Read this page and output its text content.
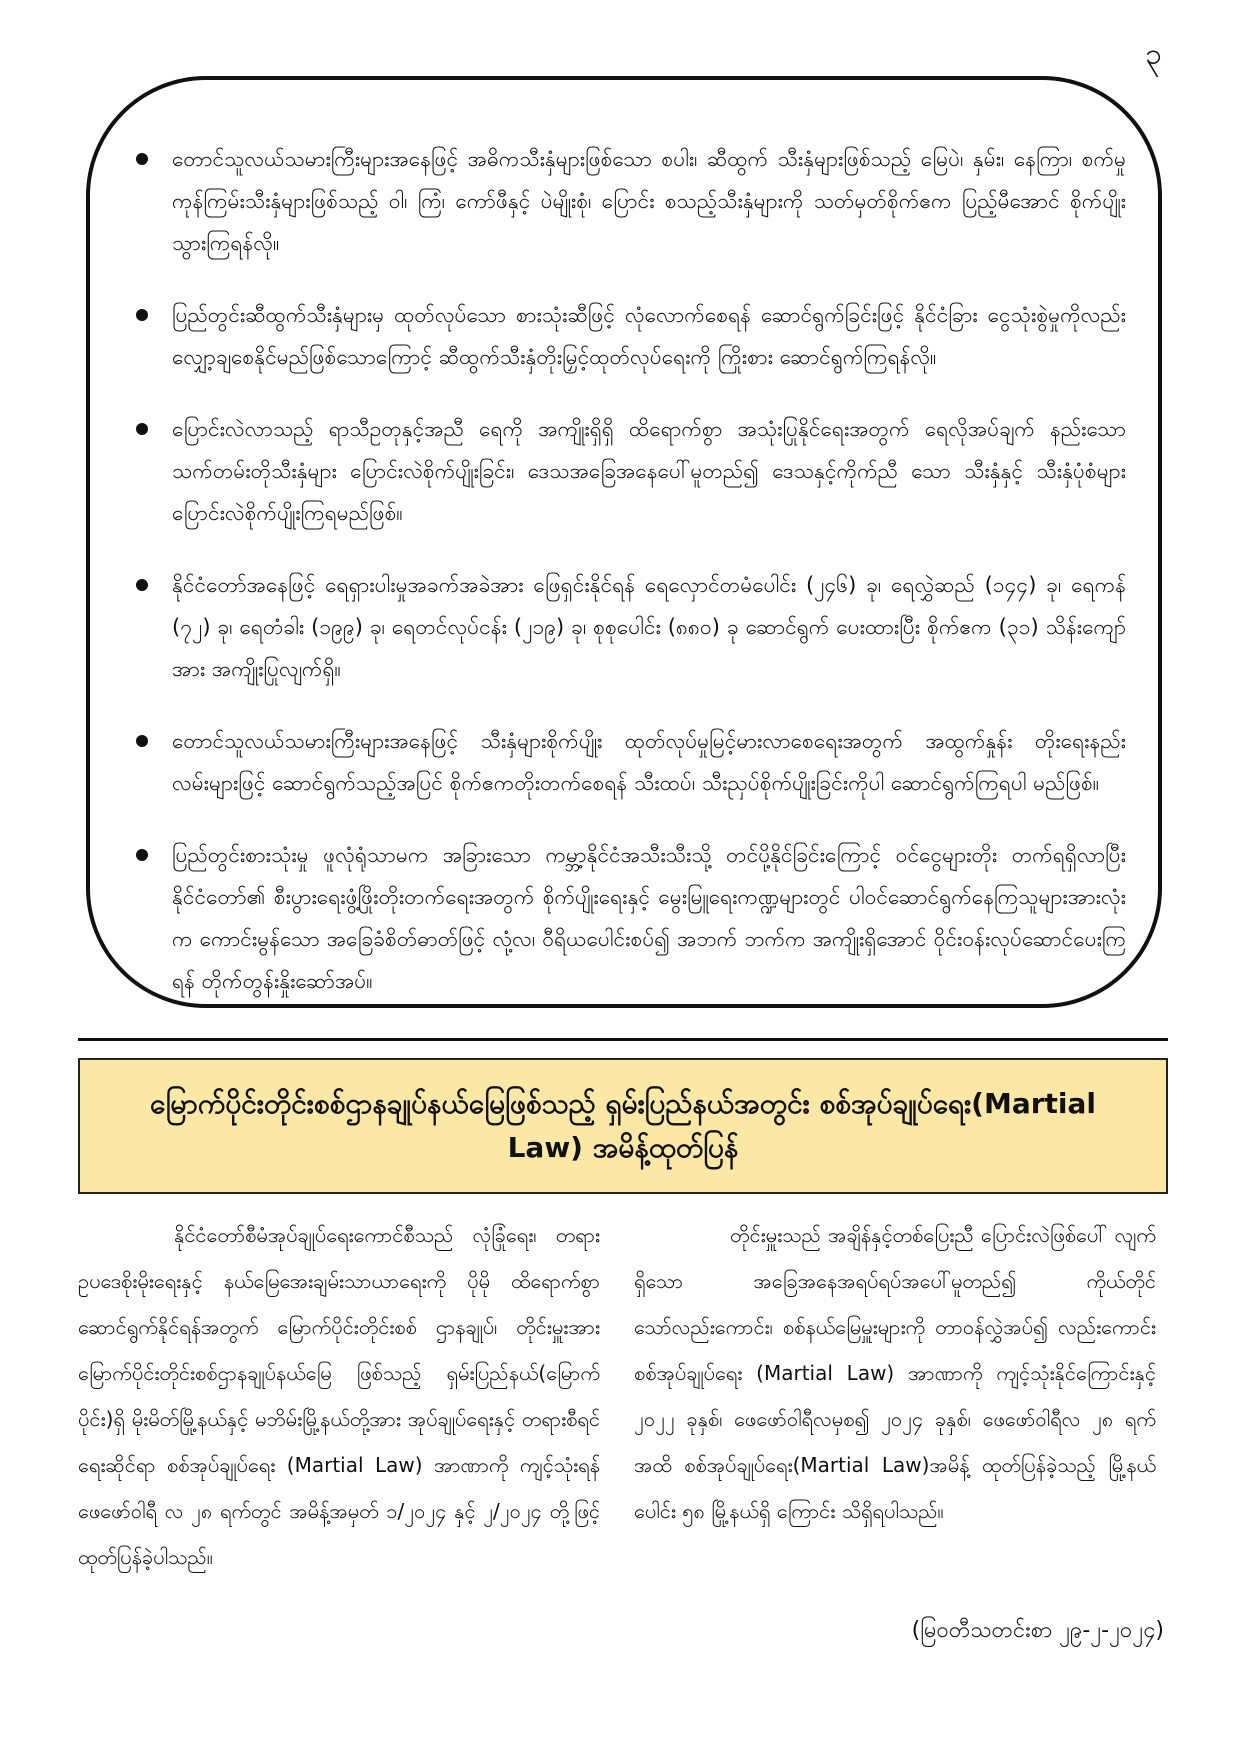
၃
တောင်သူလယ်သမားကြီးများအနေဖြင့် အဓိကသီးနှံများဖြစ်သော စပါး၊ ဆီထွက် သီးနှံများဖြစ်သည့် မြေပဲ၊ နှမ်း၊ နေကြာ၊ စက်မှုကုန်ကြမ်းသီးနှံများဖြစ်သည့် ဝါ၊ ကြံ၊ ကော်ဖီနှင့် ပဲမျိုးစုံ၊ ပြောင်း စသည့်သီးနှံများကို သတ်မှတ်စိုက်ဧက ပြည့်မီအောင် စိုက်ပျိုးသွားကြရန်လို။
ပြည်တွင်းဆီထွက်သီးနှံများမှ ထုတ်လုပ်သော စားသုံးဆီဖြင့် လုံလောက်စေရန် ဆောင်ရွက်ခြင်းဖြင့် နိုင်ငံခြား ငွေသုံးစွဲမှုကိုလည်း လျှော့ချစေနိုင်မည်ဖြစ်သောကြောင့် ဆီထွက်သီးနှံတိုးမြှင့်ထုတ်လုပ်ရေးကို ကြိုးစား ဆောင်ရွက်ကြရန်လို။
ပြောင်းလဲလာသည့် ရာသီဥတုနှင့်အညီ ရေကို အကျိုးရှိရှိ ထိရောက်စွာ အသုံးပြုနိုင်ရေးအတွက် ရေလိုအပ်ချက် နည်းသော သက်တမ်းတိုသီးနှံများ ပြောင်းလဲစိုက်ပျိုးခြင်း၊ ဒေသအခြေအနေပေါ်မူတည်၍ ဒေသနှင့်ကိုက်ညီ သော သီးနှံနှင့် သီးနှံပုံစံများ ပြောင်းလဲစိုက်ပျိုးကြရမည်ဖြစ်။
နိုင်ငံတော်အနေဖြင့် ရေရှားပါးမှုအခက်အခဲအား ဖြေရှင်းနိုင်ရန် ရေလှောင်တမံပေါင်း (၂၄၆) ခု၊ ရေလွှဲဆည် (၁၄၄) ခု၊ ရေကန် (၇၂) ခု၊ ရေတံခါး (၁၉၉) ခု၊ ရေတင်လုပ်ငန်း (၂၁၉) ခု၊ စုစုပေါင်း (၈၈၀) ခု ဆောင်ရွက် ပေးထားပြီး စိုက်ဧက (၃၁) သိန်းကျော်အား အကျိုးပြုလျက်ရှိ။
တောင်သူလယ်သမားကြီးများအနေဖြင့် သီးနှံများစိုက်ပျိုး ထုတ်လုပ်မှုမြင့်မားလာစေရေးအတွက် အထွက်နှုန်း တိုးရေးနည်းလမ်းများဖြင့် ဆောင်ရွက်သည့်အပြင် စိုက်ဧကတိုးတက်စေရန် သီးထပ်၊ သီးညှပ်စိုက်ပျိုးခြင်းကိုပါ ဆောင်ရွက်ကြရပါ မည်ဖြစ်။
ပြည်တွင်းစားသုံးမှု ဖူလုံရုံသာမက အခြားသော ကမ္ဘာ့နိုင်ငံအသီးသီးသို့ တင်ပို့နိုင်ခြင်းကြောင့် ဝင်ငွေများတိုး တက်ရရှိလာပြီး နိုင်ငံတော်၏ စီးပွားရေးဖွံ့ဖြိုးတိုးတက်ရေးအတွက် စိုက်ပျိုးရေးနှင့် မွေးမြူရေးကဏ္ဍများတွင် ပါဝင်ဆောင်ရွက်နေကြသူများအားလုံးက ကောင်းမွန်သော အခြေခံစိတ်ဓာတ်ဖြင့် လုံ့လ၊ ဝီရိယပေါင်းစပ်၍ အဘက် ဘက်က အကျိုးရှိအောင် ဝိုင်းဝန်းလုပ်ဆောင်ပေးကြရန် တိုက်တွန်းနှိုးဆော်အပ်။
မြောက်ပိုင်းတိုင်းစစ်ဌာနချုပ်နယ်မြေဖြစ်သည့် ရှမ်းပြည်နယ်အတွင်း စစ်အုပ်ချုပ်ရေး(Martial Law) အမိန့်ထုတ်ပြန်

နိုင်ငံတော်စီမံအုပ်ချုပ်ရေးကောင်စီသည် လုံခြုံရေး၊ တရားဥပဒေစိုးမိုးရေးနှင့် နယ်မြေအေးချမ်းသာယာရေးကို ပိုမို ထိရောက်စွာ ဆောင်ရွက်နိုင်ရန်အတွက် မြောက်ပိုင်းတိုင်းစစ် ဌာနချုပ်၊ တိုင်းမှူးအား မြောက်ပိုင်းတိုင်းစစ်ဌာနချုပ်နယ်မြေ ဖြစ်သည့် ရှမ်းပြည်နယ်(မြောက်ပိုင်း)ရှိ မိုးမိတ်မြို့နယ်နှင့် မဘိမ်းမြို့နယ်တို့အား အုပ်ချုပ်ရေးနှင့် တရားစီရင်ရေးဆိုင်ရာ စစ်အုပ်ချုပ်ရေး (Martial Law) အာဏာကို ကျင့်သုံးရန် ဖေဖော်ဝါရီ လ ၂၈ ရက်တွင် အမိန့်အမှတ် ၁/၂၀၂၄ နှင့် ၂/၂၀၂၄ တို့ဖြင့် ထုတ်ပြန်ခဲ့ပါသည်။

တိုင်းမှူးသည် အချိန်နှင့်တစ်ပြေးညီ ပြောင်းလဲဖြစ်ပေါ် လျက်ရှိသော အခြေအနေအရပ်ရပ်အပေါ်မူတည်၍ ကိုယ်တိုင် သော်လည်းကောင်း၊ စစ်နယ်မြေမှူးများကို တာဝန်လွှဲအပ်၍ လည်းကောင်း စစ်အုပ်ချုပ်ရေး (Martial Law) အာဏာကို ကျင့်သုံးနိုင်ကြောင်းနှင့် ၂၀၂၂ ခုနှစ်၊ ဖေဖော်ဝါရီလမှစ၍ ၂၀၂၄ ခုနှစ်၊ ဖေဖော်ဝါရီလ ၂၈ ရက်အထိ စစ်အုပ်ချုပ်ရေး(Martial Law)အမိန့် ထုတ်ပြန်ခဲ့သည့် မြို့နယ်ပေါင်း ၅၈ မြို့နယ်ရှိ ကြောင်း သိရှိရပါသည်။

(မြဝတီသတင်းစာ ၂၉-၂-၂၀၂၄)
